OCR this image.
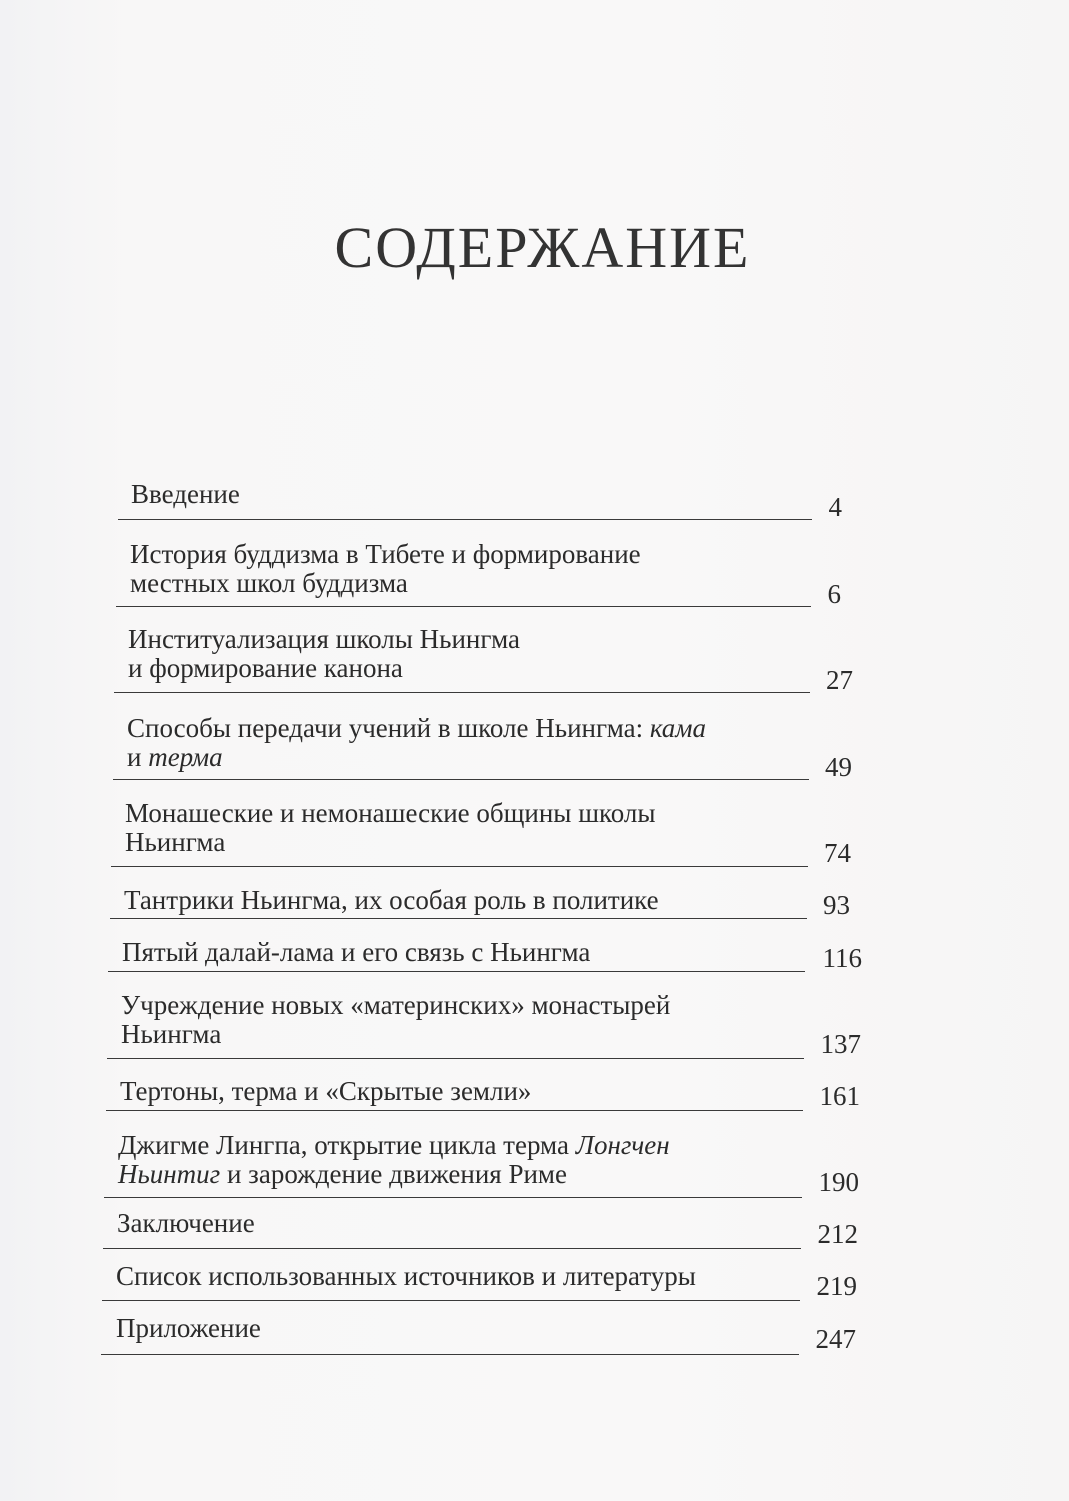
СОДЕРЖАНИЕ
Введение	4
История буддизма в Тибете и формирование
местных школ буддизма	6
Институализация школы Ньингма
и формирование канона	27
Способы передачи учений в школе Ньингма: кама
и терма	49
Монашеские и немонашеские общины школы
Ньингма	74
Тантрики Ньингма, их особая роль в политике	93
Пятый далай-лама и его связь с Ньингма	116
Учреждение новых «материнских» монастырей
Ньингма	137
Тертоны, терма и «Скрытые земли»	161
Джигме Лингпа, открытие цикла терма Лонгчен
Ньинтиг и зарождение движения Риме	190
Заключение	212
Список использованных источников и литературы	219
Приложение	247
